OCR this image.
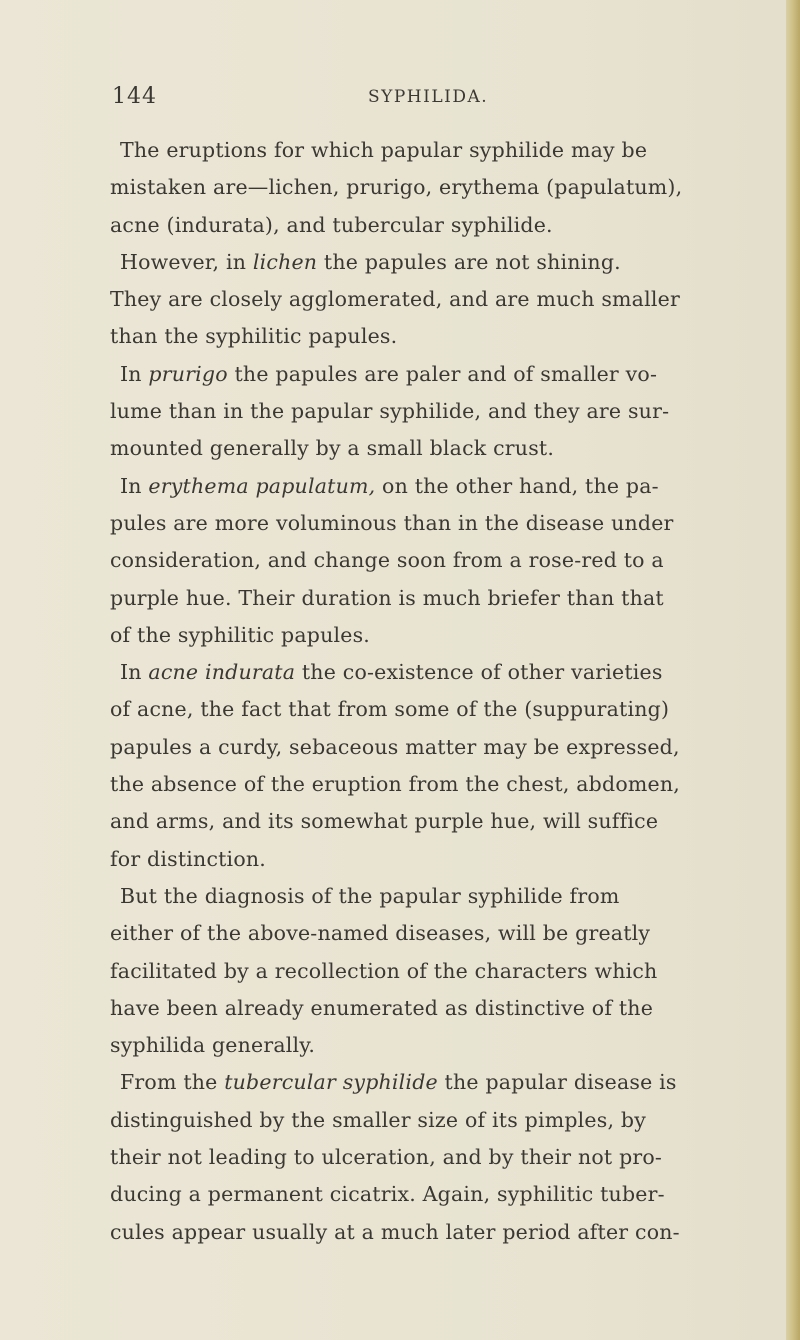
144	SYPHILIDA.
The eruptions for which papular syphilide may be
mistaken are—lichen, prurigo, erythema (papulatum),
acne (indurata), and tubercular syphilide.
However, in lichen the papules are not shining.
They are closely agglomerated, and are much smaller
than the syphilitic papules.
In prurigo the papules are paler and of smaller vo-
lume than in the papular syphilide, and they are sur-
mounted generally by a small black crust.
In erythema papulatum, on the other hand, the pa-
pules are more voluminous than in the disease under
consideration, and change soon from a rose-red to a
purple hue. Their duration is much briefer than that
of the syphilitic papules.
In acne indurata the co-existence of other varieties
of acne, the fact that from some of the (suppurating)
papules a curdy, sebaceous matter may be expressed,
the absence of the eruption from the chest, abdomen,
and arms, and its somewhat purple hue, will suffice
for distinction.
But the diagnosis of the papular syphilide from
either of the above-named diseases, will be greatly
facilitated by a recollection of the characters which
have been already enumerated as distinctive of the
syphilida generally.
From the tubercular syphilide the papular disease is
distinguished by the smaller size of its pimples, by
their not leading to ulceration, and by their not pro-
ducing a permanent cicatrix. Again, syphilitic tuber-
cules appear usually at a much later period after con-
